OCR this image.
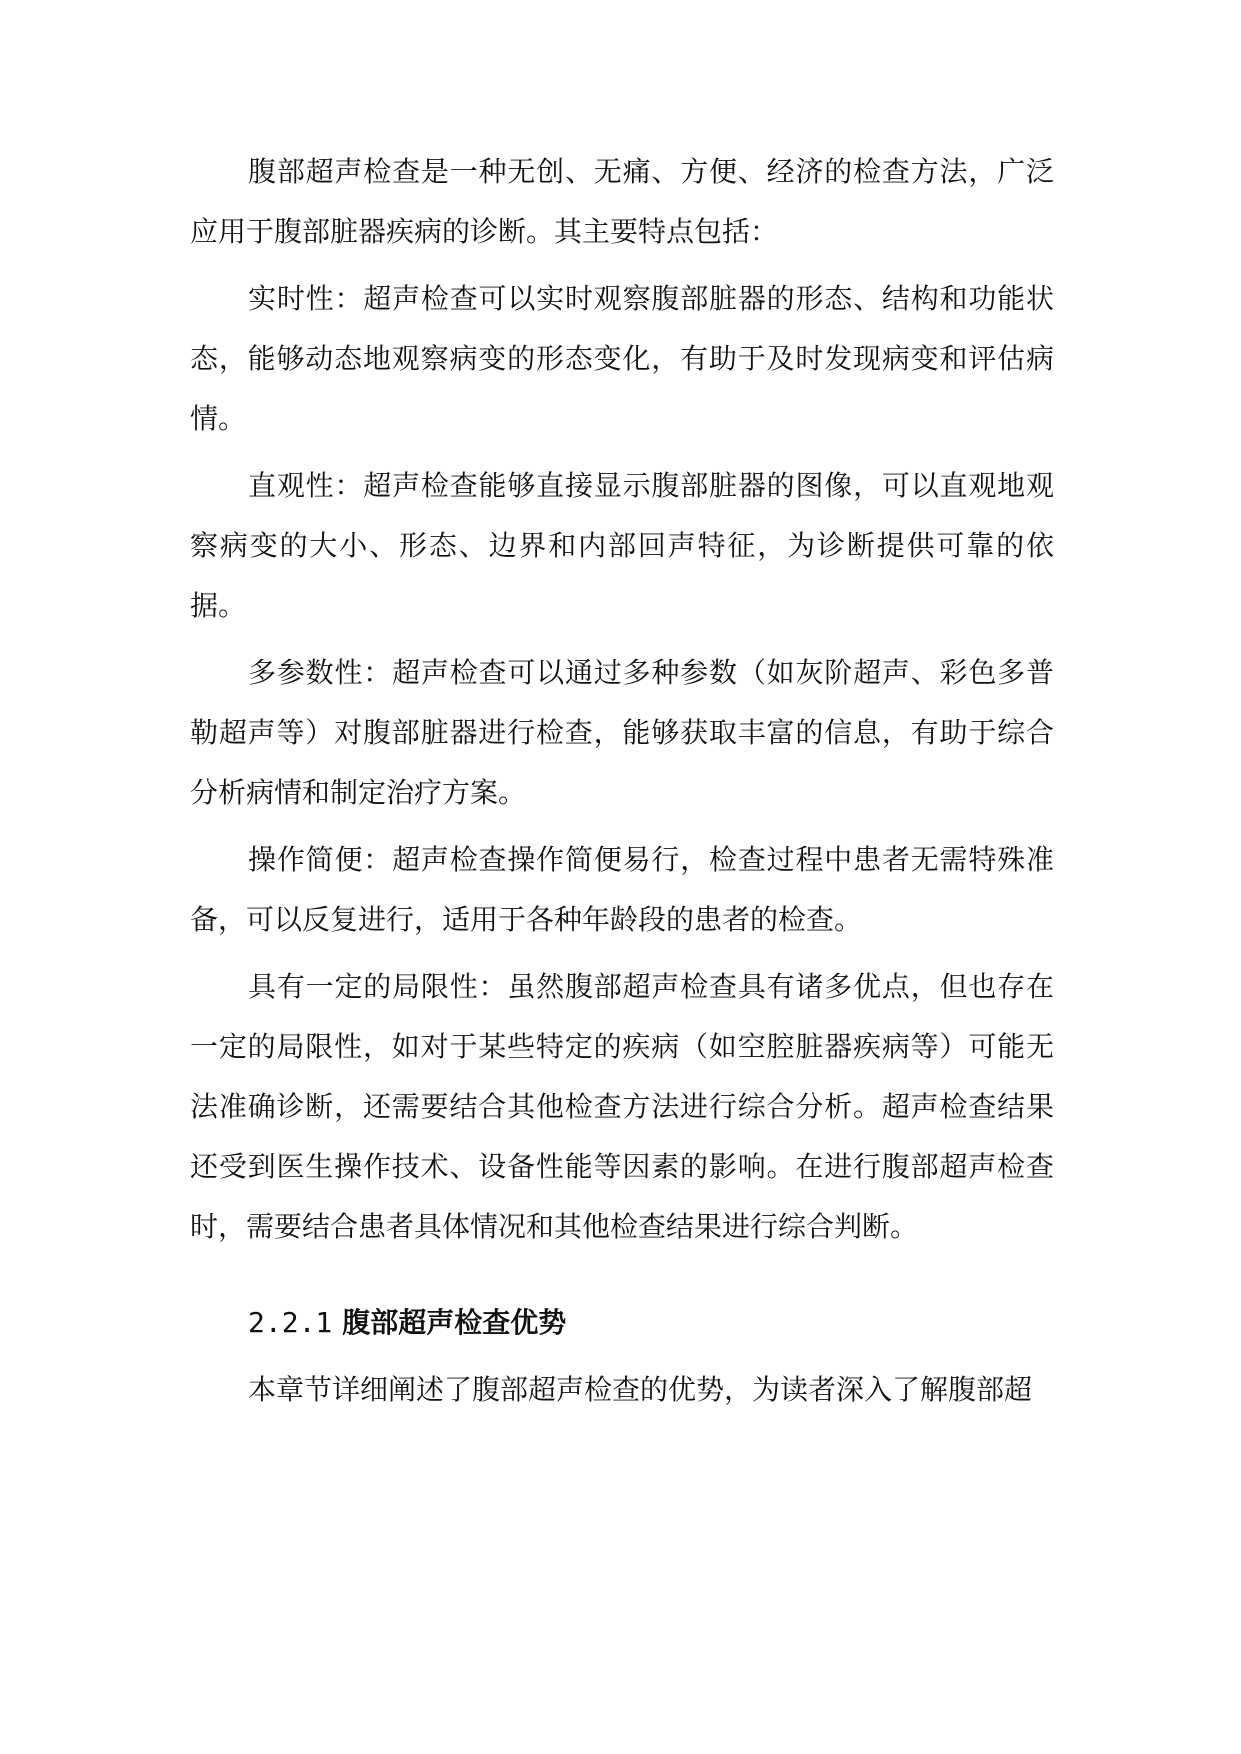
腹部超声检查是一种无创、无痛、方便、经济的检查方法，广泛应用于腹部脏器疾病的诊断。其主要特点包括：

实时性：超声检查可以实时观察腹部脏器的形态、结构和功能状态，能够动态地观察病变的形态变化，有助于及时发现病变和评估病情。

直观性：超声检查能够直接显示腹部脏器的图像，可以直观地观察病变的大小、形态、边界和内部回声特征，为诊断提供可靠的依据。

多参数性：超声检查可以通过多种参数（如灰阶超声、彩色多普勒超声等）对腹部脏器进行检查，能够获取丰富的信息，有助于综合分析病情和制定治疗方案。

操作简便：超声检查操作简便易行，检查过程中患者无需特殊准备，可以反复进行，适用于各种年龄段的患者的检查。

具有一定的局限性：虽然腹部超声检查具有诸多优点，但也存在一定的局限性，如对于某些特定的疾病（如空腔脏器疾病等）可能无法准确诊断，还需要结合其他检查方法进行综合分析。超声检查结果还受到医生操作技术、设备性能等因素的影响。在进行腹部超声检查时，需要结合患者具体情况和其他检查结果进行综合判断。

2.2.1 腹部超声检查优势

本章节详细阐述了腹部超声检查的优势，为读者深入了解腹部超
